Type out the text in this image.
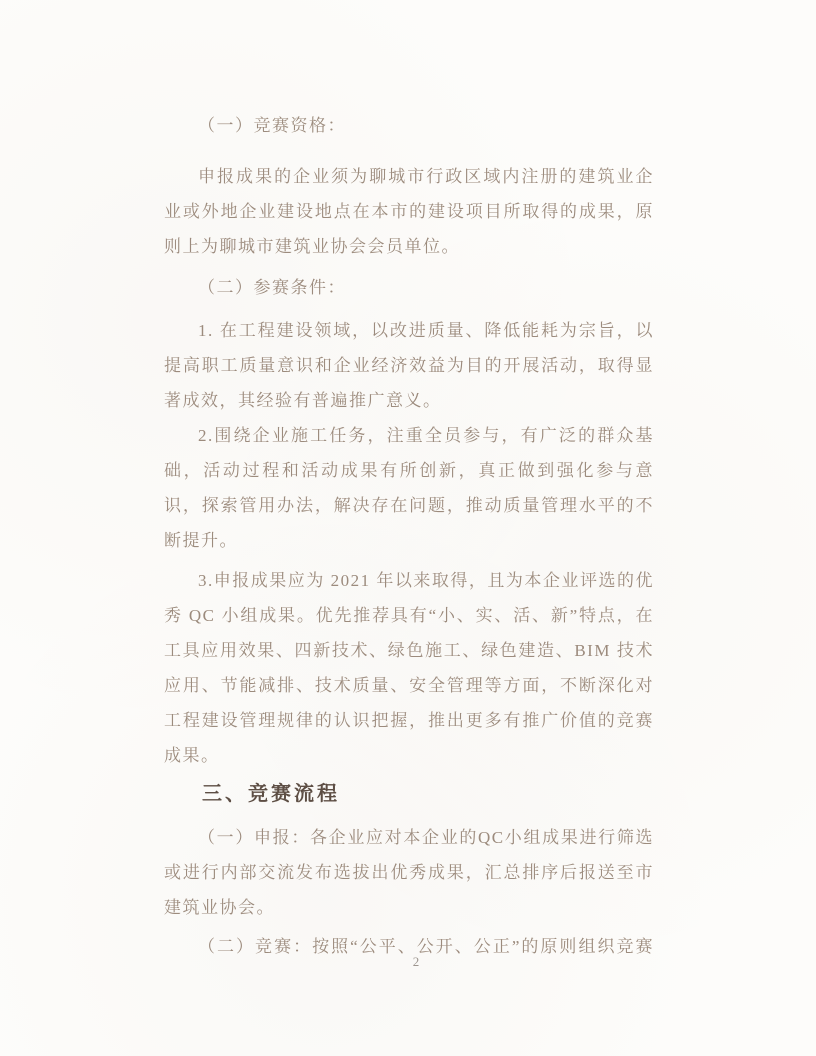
（一）竞赛资格：

申报成果的企业须为聊城市行政区域内注册的建筑业企业或外地企业建设地点在本市的建设项目所取得的成果，原则上为聊城市建筑业协会会员单位。

（二）参赛条件：

1. 在工程建设领域，以改进质量、降低能耗为宗旨，以提高职工质量意识和企业经济效益为目的开展活动，取得显著成效，其经验有普遍推广意义。

2.围绕企业施工任务，注重全员参与，有广泛的群众基础，活动过程和活动成果有所创新，真正做到强化参与意识，探索管用办法，解决存在问题，推动质量管理水平的不断提升。

3.申报成果应为 2021 年以来取得，且为本企业评选的优秀 QC 小组成果。优先推荐具有“小、实、活、新”特点，在工具应用效果、四新技术、绿色施工、绿色建造、BIM 技术应用、节能减排、技术质量、安全管理等方面，不断深化对工程建设管理规律的认识把握，推出更多有推广价值的竞赛成果。

三、竞赛流程

（一）申报：各企业应对本企业的QC小组成果进行筛选或进行内部交流发布选拔出优秀成果，汇总排序后报送至市建筑业协会。

（二）竞赛：按照“公平、公开、公正”的原则组织竞赛

2
